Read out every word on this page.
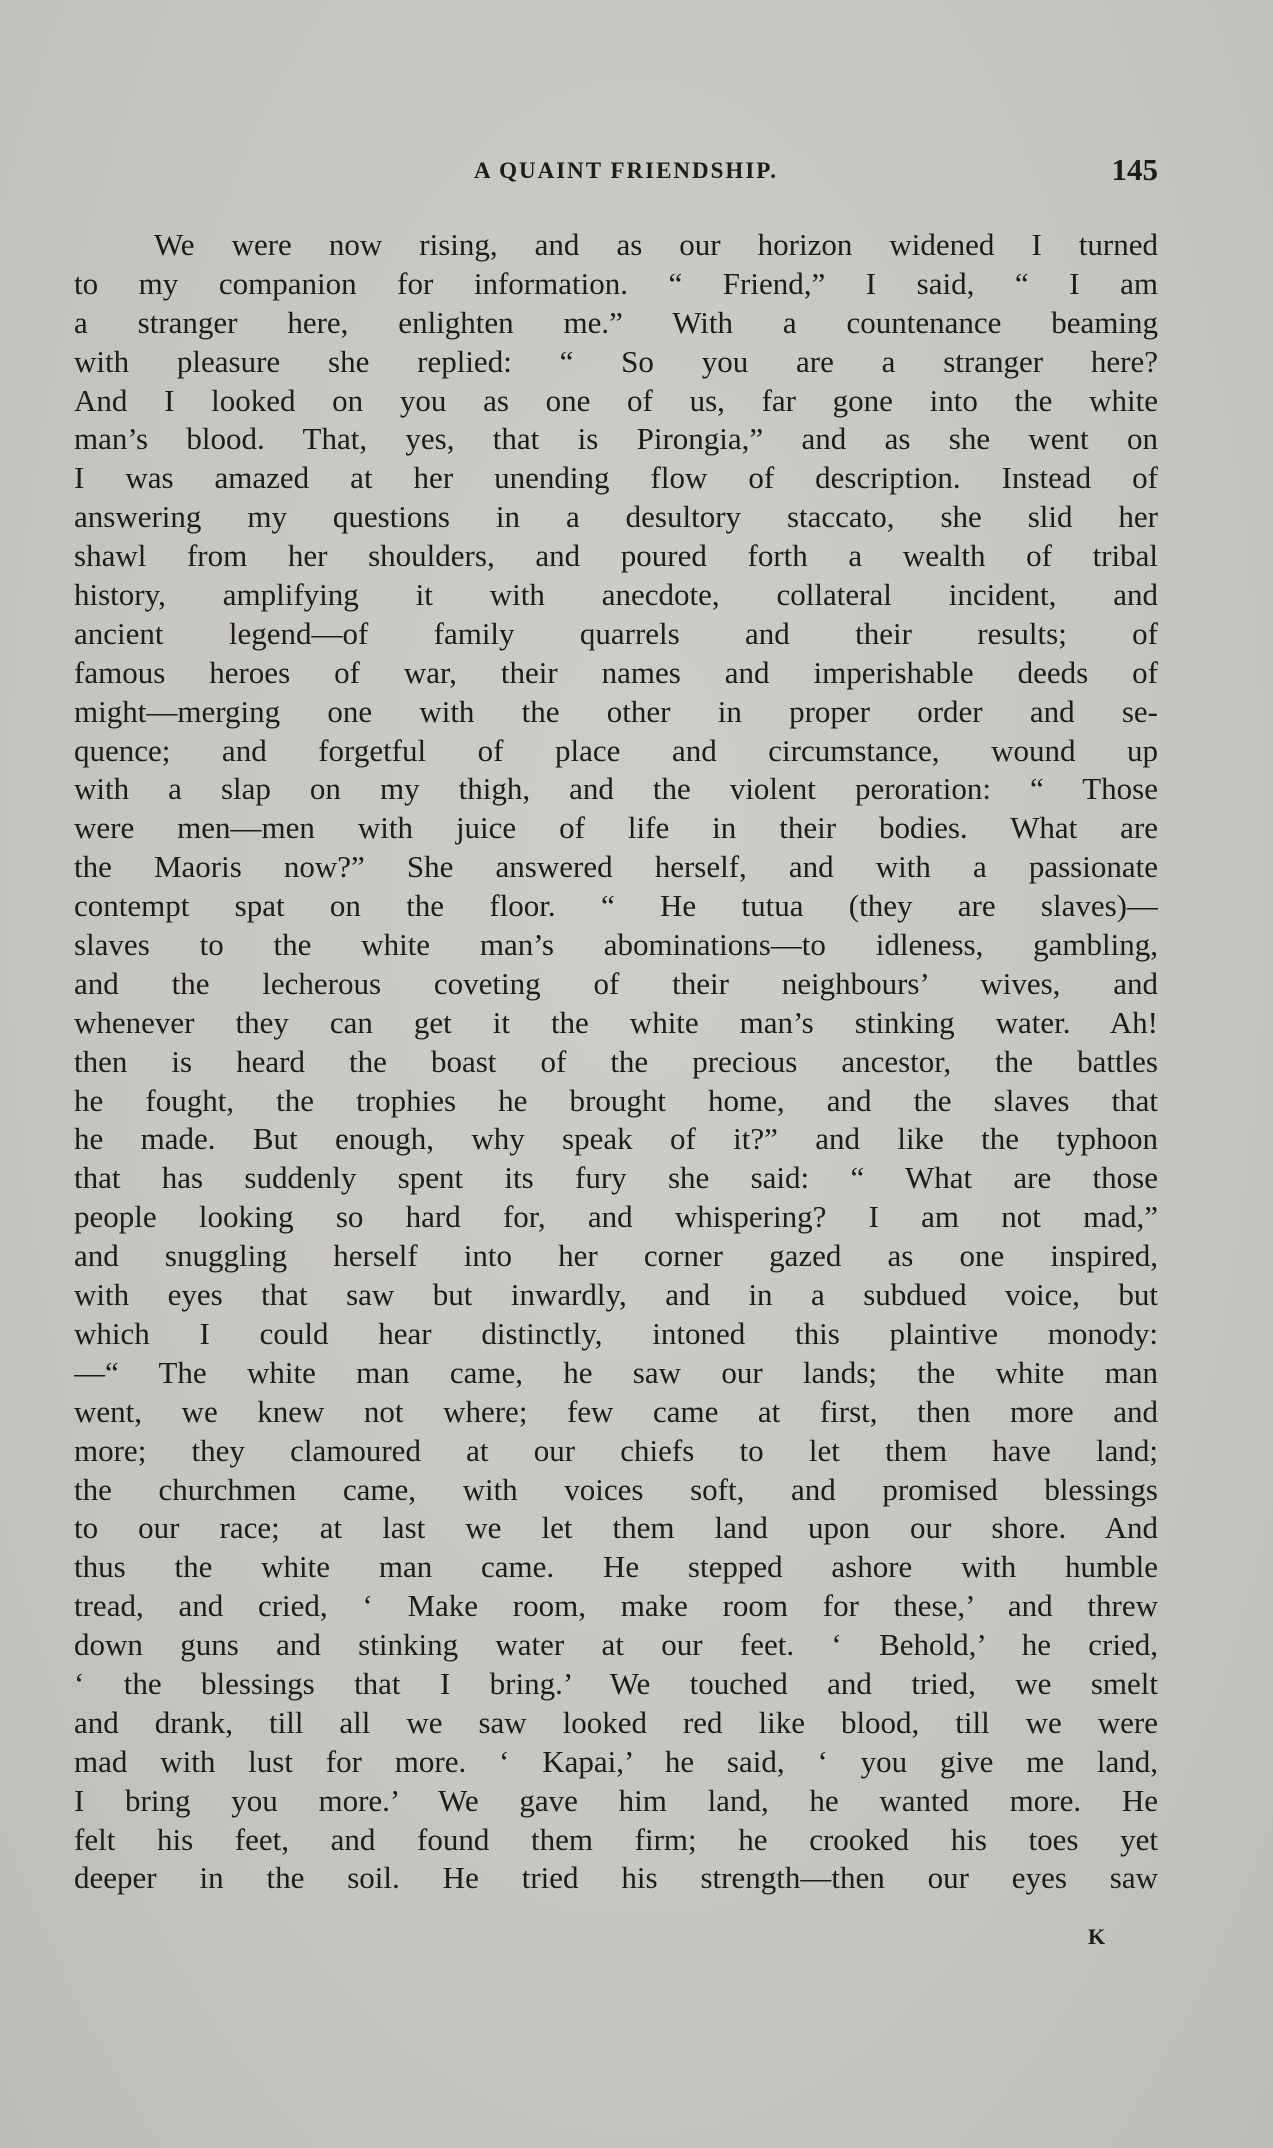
A QUAINT FRIENDSHIP.	145
We were now rising, and as our horizon widened I turned
to my companion for information. “ Friend,” I said, “ I am
a stranger here, enlighten me.” With a countenance beaming
with pleasure she replied: “ So you are a stranger here?
And I looked on you as one of us, far gone into the white
man’s blood. That, yes, that is Pirongia,” and as she went on
I was amazed at her unending flow of description. Instead of
answering my questions in a desultory staccato, she slid her
shawl from her shoulders, and poured forth a wealth of tribal
history, amplifying it with anecdote, collateral incident, and
ancient legend—of family quarrels and their results; of
famous heroes of war, their names and imperishable deeds of
might—merging one with the other in proper order and se-
quence; and forgetful of place and circumstance, wound up
with a slap on my thigh, and the violent peroration: “ Those
were men—men with juice of life in their bodies. What are
the Maoris now?” She answered herself, and with a passionate
contempt spat on the floor. “ He tutua (they are slaves)—
slaves to the white man’s abominations—to idleness, gambling,
and the lecherous coveting of their neighbours’ wives, and
whenever they can get it the white man’s stinking water. Ah!
then is heard the boast of the precious ancestor, the battles
he fought, the trophies he brought home, and the slaves that
he made. But enough, why speak of it?” and like the typhoon
that has suddenly spent its fury she said: “ What are those
people looking so hard for, and whispering? I am not mad,”
and snuggling herself into her corner gazed as one inspired,
with eyes that saw but inwardly, and in a subdued voice, but
which I could hear distinctly, intoned this plaintive monody:
—“ The white man came, he saw our lands; the white man
went, we knew not where; few came at first, then more and
more; they clamoured at our chiefs to let them have land;
the churchmen came, with voices soft, and promised blessings
to our race; at last we let them land upon our shore. And
thus the white man came. He stepped ashore with humble
tread, and cried, ‘ Make room, make room for these,’ and threw
down guns and stinking water at our feet. ‘ Behold,’ he cried,
‘ the blessings that I bring.’ We touched and tried, we smelt
and drank, till all we saw looked red like blood, till we were
mad with lust for more. ‘ Kapai,’ he said, ‘ you give me land,
I bring you more.’ We gave him land, he wanted more. He
felt his feet, and found them firm; he crooked his toes yet
deeper in the soil. He tried his strength—then our eyes saw
K
